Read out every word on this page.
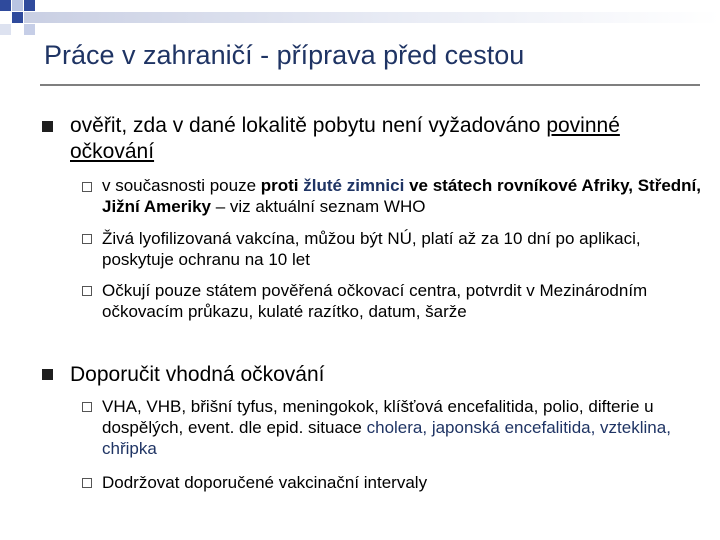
Práce v zahraničí - příprava před cestou
ověřit, zda v dané lokalitě pobytu není vyžadováno povinné očkování
v současnosti pouze proti žluté zimnici ve státech rovníkové Afriky, Střední, Jižní Ameriky – viz aktuální seznam WHO
Živá lyofilizovaná vakcína, můžou být NÚ, platí až za 10 dní po aplikaci, poskytuje ochranu na 10 let
Očkují pouze státem pověřená očkovací centra, potvrdit v Mezinárodním očkovacím průkazu, kulaté razítko, datum, šarže
Doporučit vhodná očkování
VHA, VHB, břišní tyfus, meningokok, klíšťová encefalitida, polio, difterie u dospělých, event. dle epid. situace cholera, japonská encefalitida, vzteklina, chřipka
Dodržovat doporučené vakcinační intervaly
